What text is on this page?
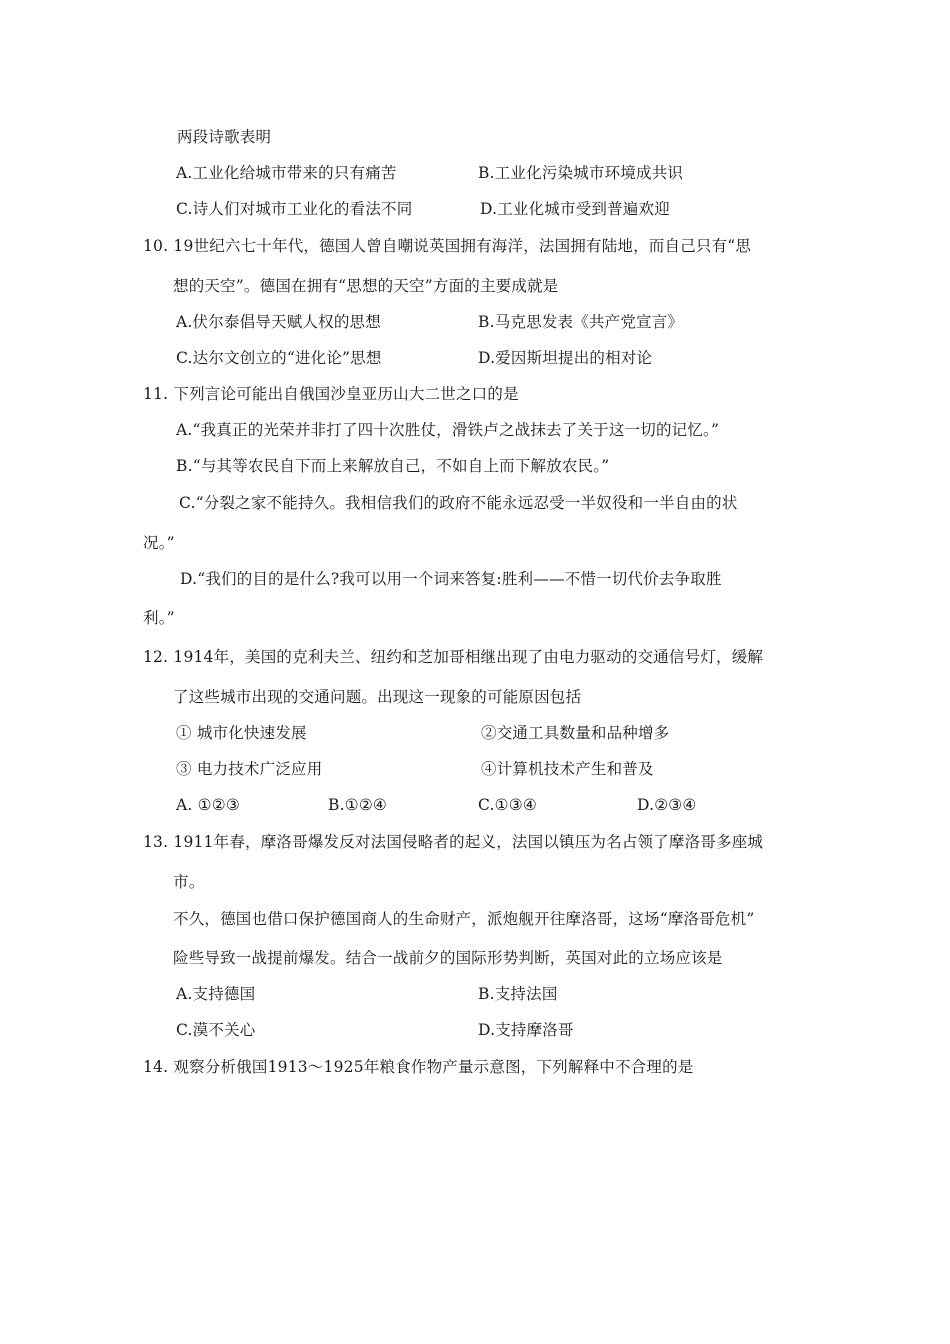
两段诗歌表明
A.工业化给城市带来的只有痛苦	B.工业化污染城市环境成共识
C.诗人们对城市工业化的看法不同	D.工业化城市受到普遍欢迎
10. 19世纪六七十年代，德国人曾自嘲说英国拥有海洋，法国拥有陆地，而自己只有“思
想的天空”。德国在拥有“思想的天空”方面的主要成就是
A.伏尔泰倡导天赋人权的思想	B.马克思发表《共产党宣言》
C.达尔文创立的“进化论”思想	D.爱因斯坦提出的相对论
11. 下列言论可能出自俄国沙皇亚历山大二世之口的是
A.“我真正的光荣并非打了四十次胜仗，滑铁卢之战抹去了关于这一切的记忆。”
B.“与其等农民自下而上来解放自己，不如自上而下解放农民。”
C.“分裂之家不能持久。我相信我们的政府不能永远忍受一半奴役和一半自由的状
况。”
D.“我们的目的是什么?我可以用一个词来答复:胜利——不惜一切代价去争取胜
利。”
12. 1914年，美国的克利夫兰、纽约和芝加哥相继出现了由电力驱动的交通信号灯，缓解
了这些城市出现的交通问题。出现这一现象的可能原因包括
① 城市化快速发展	②交通工具数量和品种增多
③ 电力技术广泛应用	④计算机技术产生和普及
A. ①②③	B.①②④	C.①③④	D.②③④
13. 1911年春，摩洛哥爆发反对法国侵略者的起义，法国以镇压为名占领了摩洛哥多座城
市。
不久，德国也借口保护德国商人的生命财产，派炮舰开往摩洛哥，这场“摩洛哥危机”
险些导致一战提前爆发。结合一战前夕的国际形势判断，英国对此的立场应该是
A.支持德国	B.支持法国
C.漠不关心	D.支持摩洛哥
14. 观察分析俄国1913～1925年粮食作物产量示意图，下列解释中不合理的是
